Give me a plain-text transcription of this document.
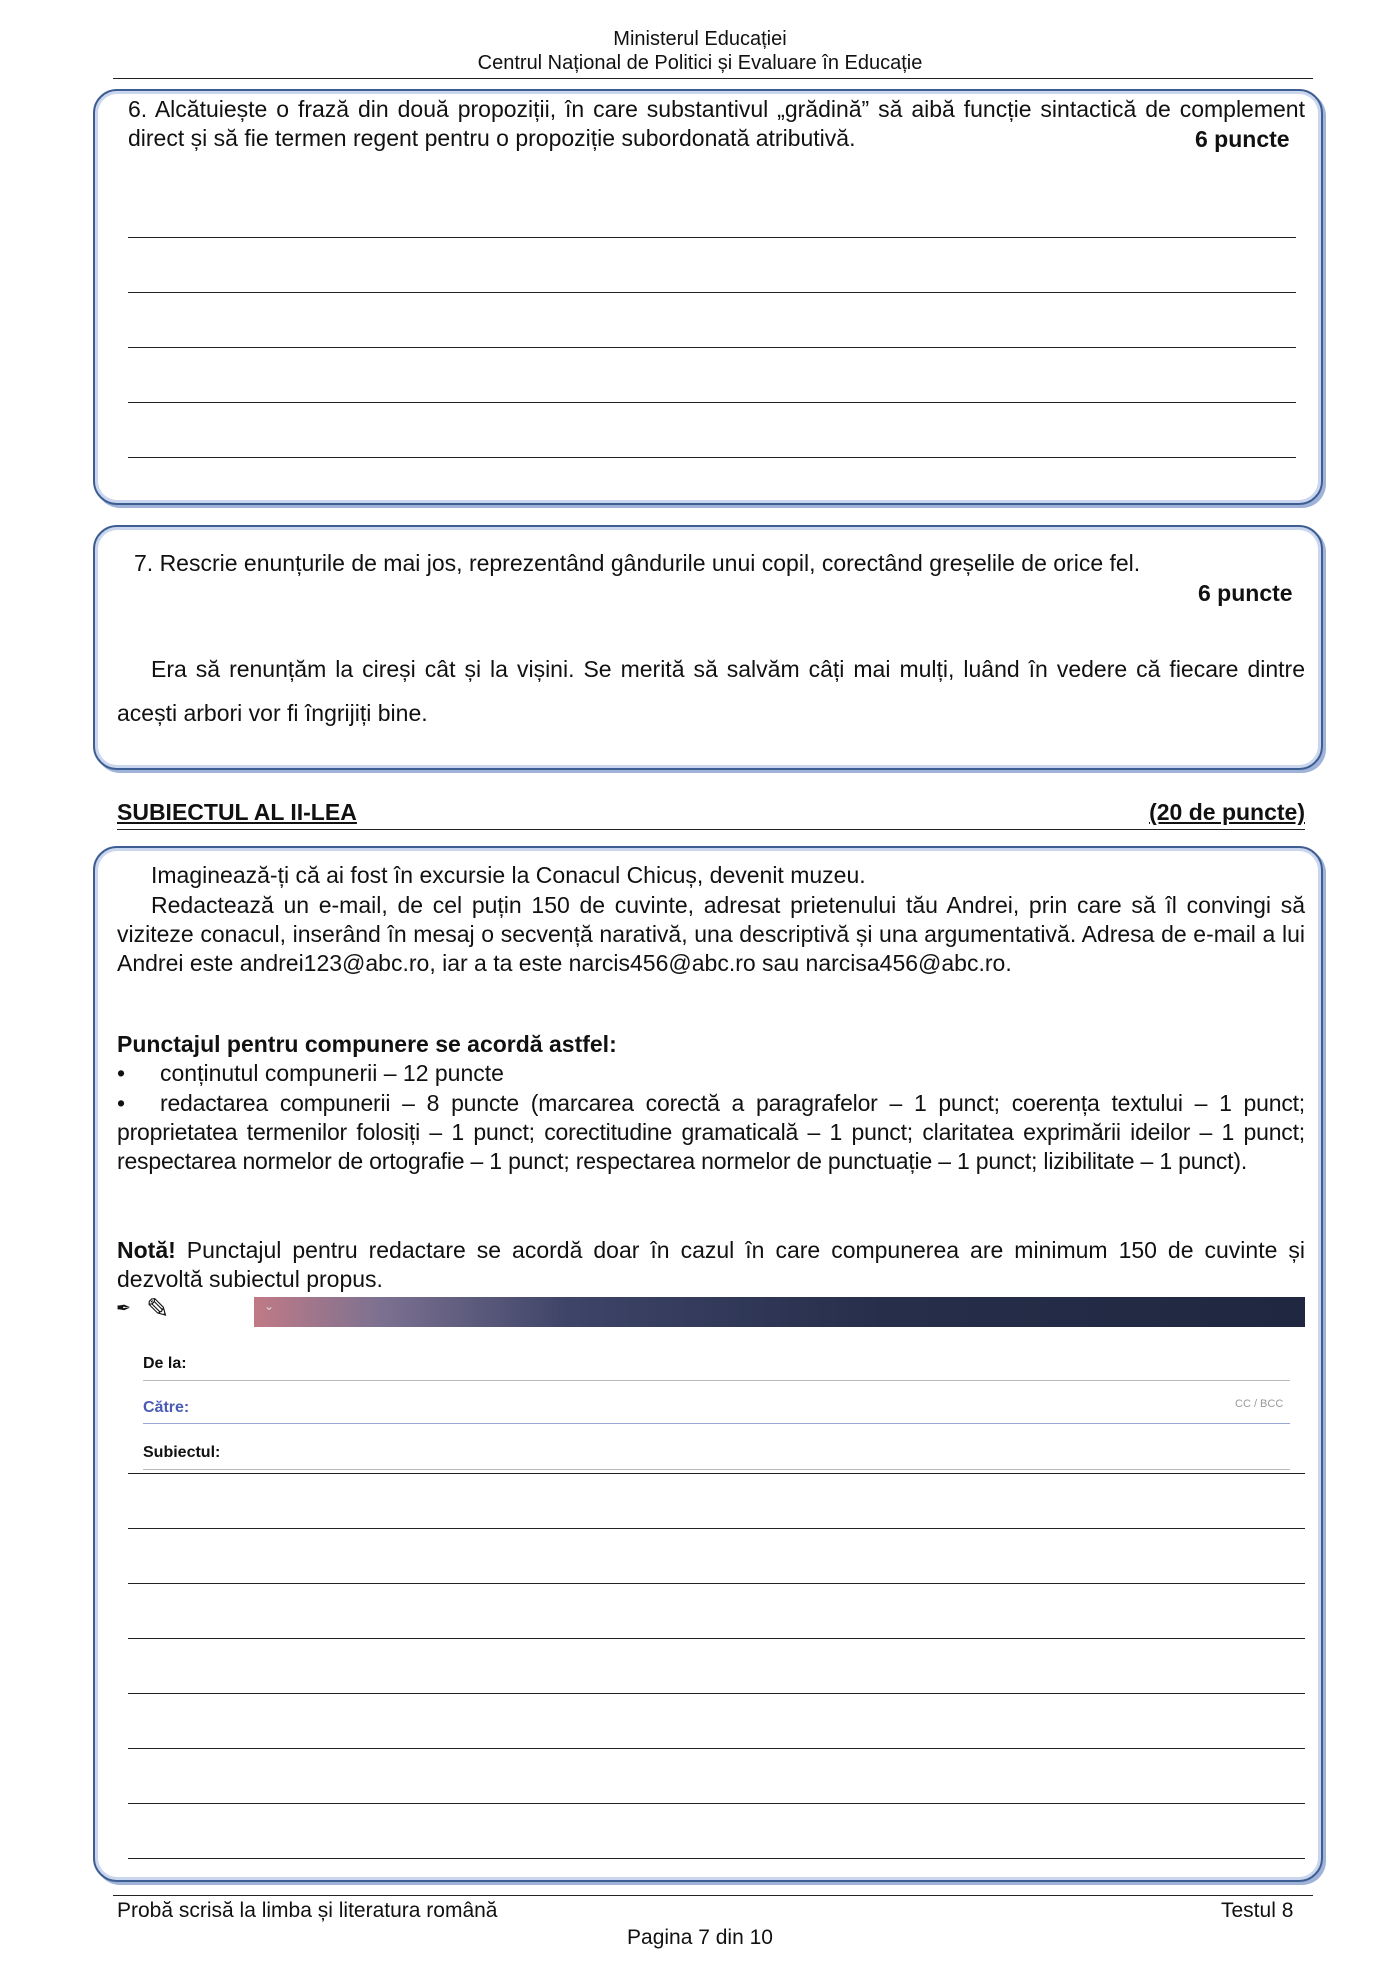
Ministerul Educației
Centrul Național de Politici și Evaluare în Educație
6. Alcătuiește o frază din două propoziții, în care substantivul „grădină” să aibă funcție sintactică de complement direct și să fie termen regent pentru o propoziție subordonată atributivă.	6 puncte
7. Rescrie enunțurile de mai jos, reprezentând gândurile unui copil, corectând greșelile de orice fel.
6 puncte
Era să renunțăm la cireși cât și la vișini. Se merită să salvăm câți mai mulți, luând în vedere că fiecare dintre acești arbori vor fi îngrijiți bine.
SUBIECTUL AL II-LEA	(20 de puncte)
Imaginează-ți că ai fost în excursie la Conacul Chicuș, devenit muzeu.
Redactează un e-mail, de cel puțin 150 de cuvinte, adresat prietenului tău Andrei, prin care să îl convingi să viziteze conacul, inserând în mesaj o secvență narativă, una descriptivă și una argumentativă. Adresa de e-mail a lui Andrei este andrei123@abc.ro, iar a ta este narcis456@abc.ro sau narcisa456@abc.ro.
Punctajul pentru compunere se acordă astfel:
•	conținutul compunerii – 12 puncte
•	redactarea compunerii – 8 puncte (marcarea corectă a paragrafelor – 1 punct; coerența textului – 1 punct; proprietatea termenilor folosiți – 1 punct; corectitudine gramaticală – 1 punct; claritatea exprimării ideilor – 1 punct; respectarea normelor de ortografie – 1 punct; respectarea normelor de punctuație – 1 punct; lizibilitate – 1 punct).
Notă! Punctajul pentru redactare se acordă doar în cazul în care compunerea are minimum 150 de cuvinte și dezvoltă subiectul propus.
✒ ✎	⌄
De la:
Către:	CC / BCC
Subiectul:
Probă scrisă la limba și literatura română	Testul 8
Pagina 7 din 10
